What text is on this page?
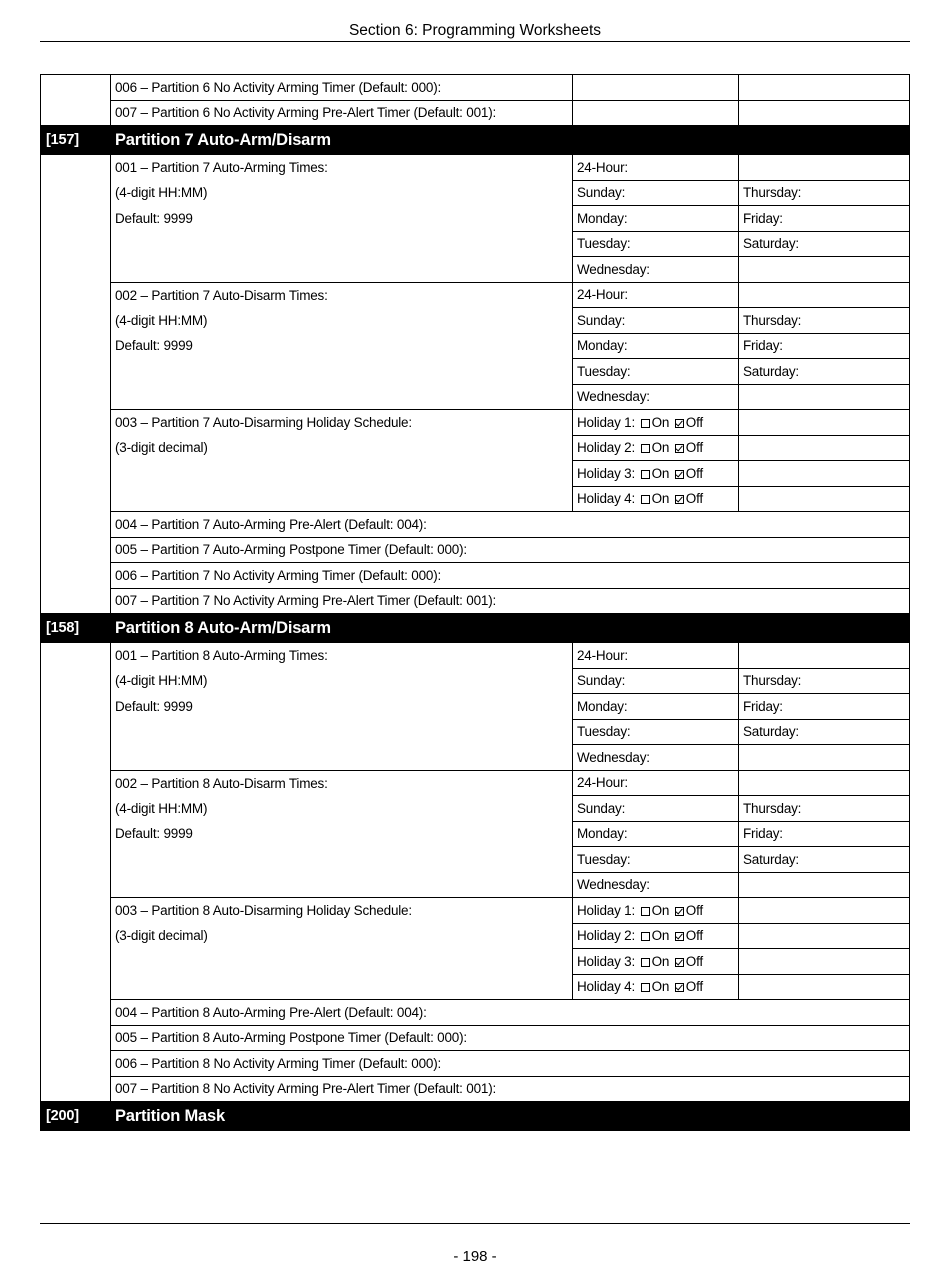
Section 6: Programming Worksheets
	006 – Partition 6 No Activity Arming Timer (Default: 000):		
	007 – Partition 6 No Activity Arming Pre-Alert Timer (Default: 001):		
[157]	Partition 7 Auto-Arm/Disarm		
	001 – Partition 7 Auto-Arming Times:	24-Hour:	
	(4-digit HH:MM)	Sunday:	Thursday:
	Default: 9999	Monday:	Friday:
		Tuesday:	Saturday:
		Wednesday:	
	002 – Partition 7 Auto-Disarm Times:	24-Hour:	
	(4-digit HH:MM)	Sunday:	Thursday:
	Default: 9999	Monday:	Friday:
		Tuesday:	Saturday:
		Wednesday:	
	003 – Partition 7 Auto-Disarming Holiday Schedule:	Holiday 1: On Off	
	(3-digit decimal)	Holiday 2: On Off	
		Holiday 3: On Off	
		Holiday 4: On Off	
	004 – Partition 7 Auto-Arming Pre-Alert (Default: 004):		
	005 – Partition 7 Auto-Arming Postpone Timer (Default: 000):		
	006 – Partition 7 No Activity Arming Timer (Default: 000):		
	007 – Partition 7 No Activity Arming Pre-Alert Timer (Default: 001):		
[158]	Partition 8 Auto-Arm/Disarm		
	001 – Partition 8 Auto-Arming Times:	24-Hour:	
	(4-digit HH:MM)	Sunday:	Thursday:
	Default: 9999	Monday:	Friday:
		Tuesday:	Saturday:
		Wednesday:	
	002 – Partition 8 Auto-Disarm Times:	24-Hour:	
	(4-digit HH:MM)	Sunday:	Thursday:
	Default: 9999	Monday:	Friday:
		Tuesday:	Saturday:
		Wednesday:	
	003 – Partition 8 Auto-Disarming Holiday Schedule:	Holiday 1: On Off	
	(3-digit decimal)	Holiday 2: On Off	
		Holiday 3: On Off	
		Holiday 4: On Off	
	004 – Partition 8 Auto-Arming Pre-Alert (Default: 004):		
	005 – Partition 8 Auto-Arming Postpone Timer (Default: 000):		
	006 – Partition 8 No Activity Arming Timer (Default: 000):		
	007 – Partition 8 No Activity Arming Pre-Alert Timer (Default: 001):		
[200]	Partition Mask		
- 198 -
